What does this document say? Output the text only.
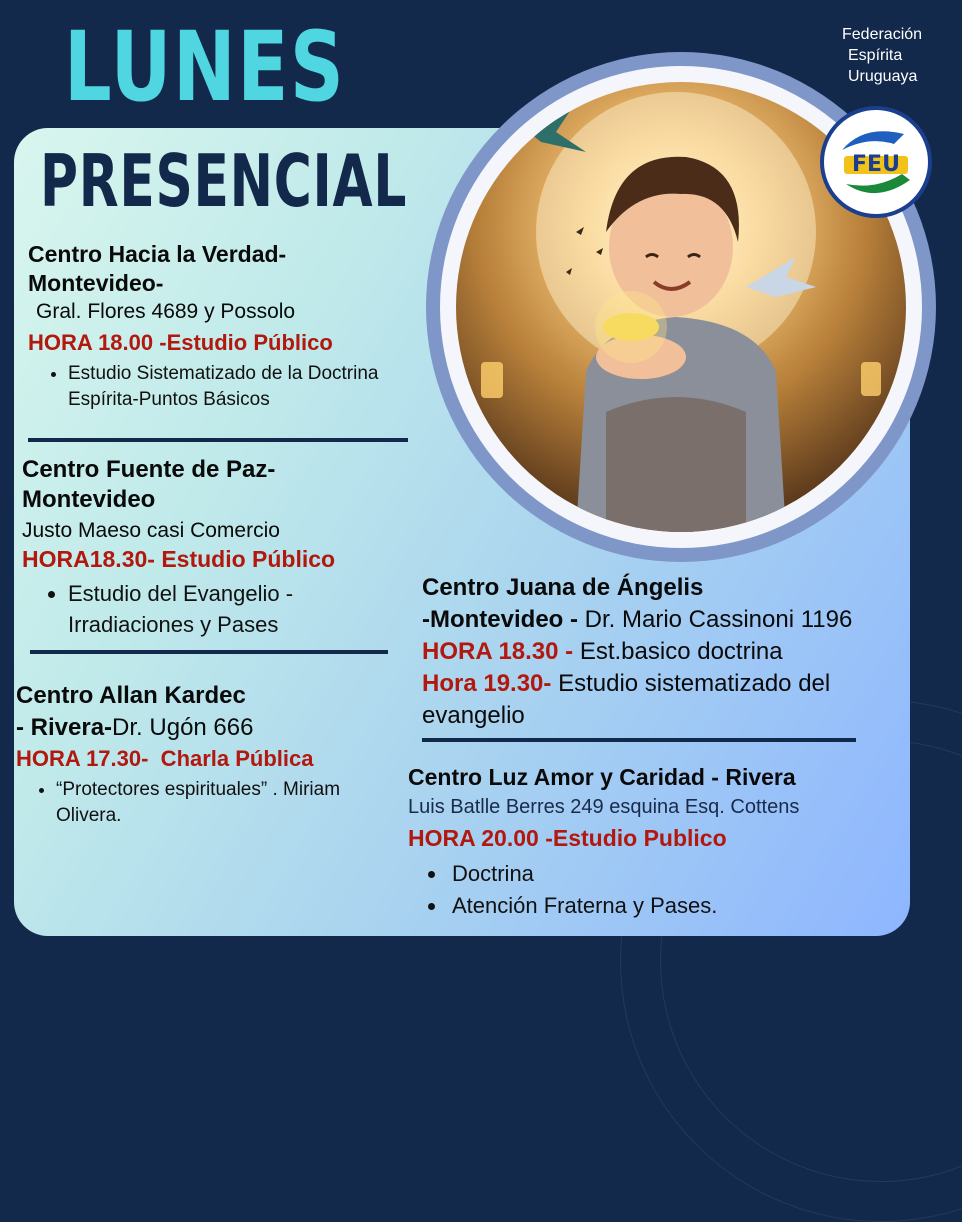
LUNES
PRESENCIAL
Federación
Espírita
Uruguaya
FEU

Centro Hacia la Verdad-

Montevideo-

Gral. Flores 4689 y Possolo

HORA 18.00 -Estudio Público

• Estudio Sistematizado de la Doctrina Espírita-Puntos Básicos

Centro Fuente de Paz-

Montevideo

Justo Maeso casi Comercio

HORA18.30- Estudio Público

• Estudio del Evangelio - Irradiaciones y Pases

Centro Allan Kardec

- Rivera-Dr. Ugón 666

HORA 17.30-  Charla Pública

• “Protectores espirituales” . Miriam Olivera.

Centro Juana de Ángelis

-Montevideo - Dr. Mario Cassinoni 1196

HORA 18.30 - Est.basico doctrina

Hora 19.30- Estudio sistematizado del evangelio

Centro Luz Amor y Caridad - Rivera

Luis Batlle Berres 249 esquina Esq. Cottens

HORA 20.00 -Estudio Publico

• Doctrina
• Atención Fraterna y Pases.
